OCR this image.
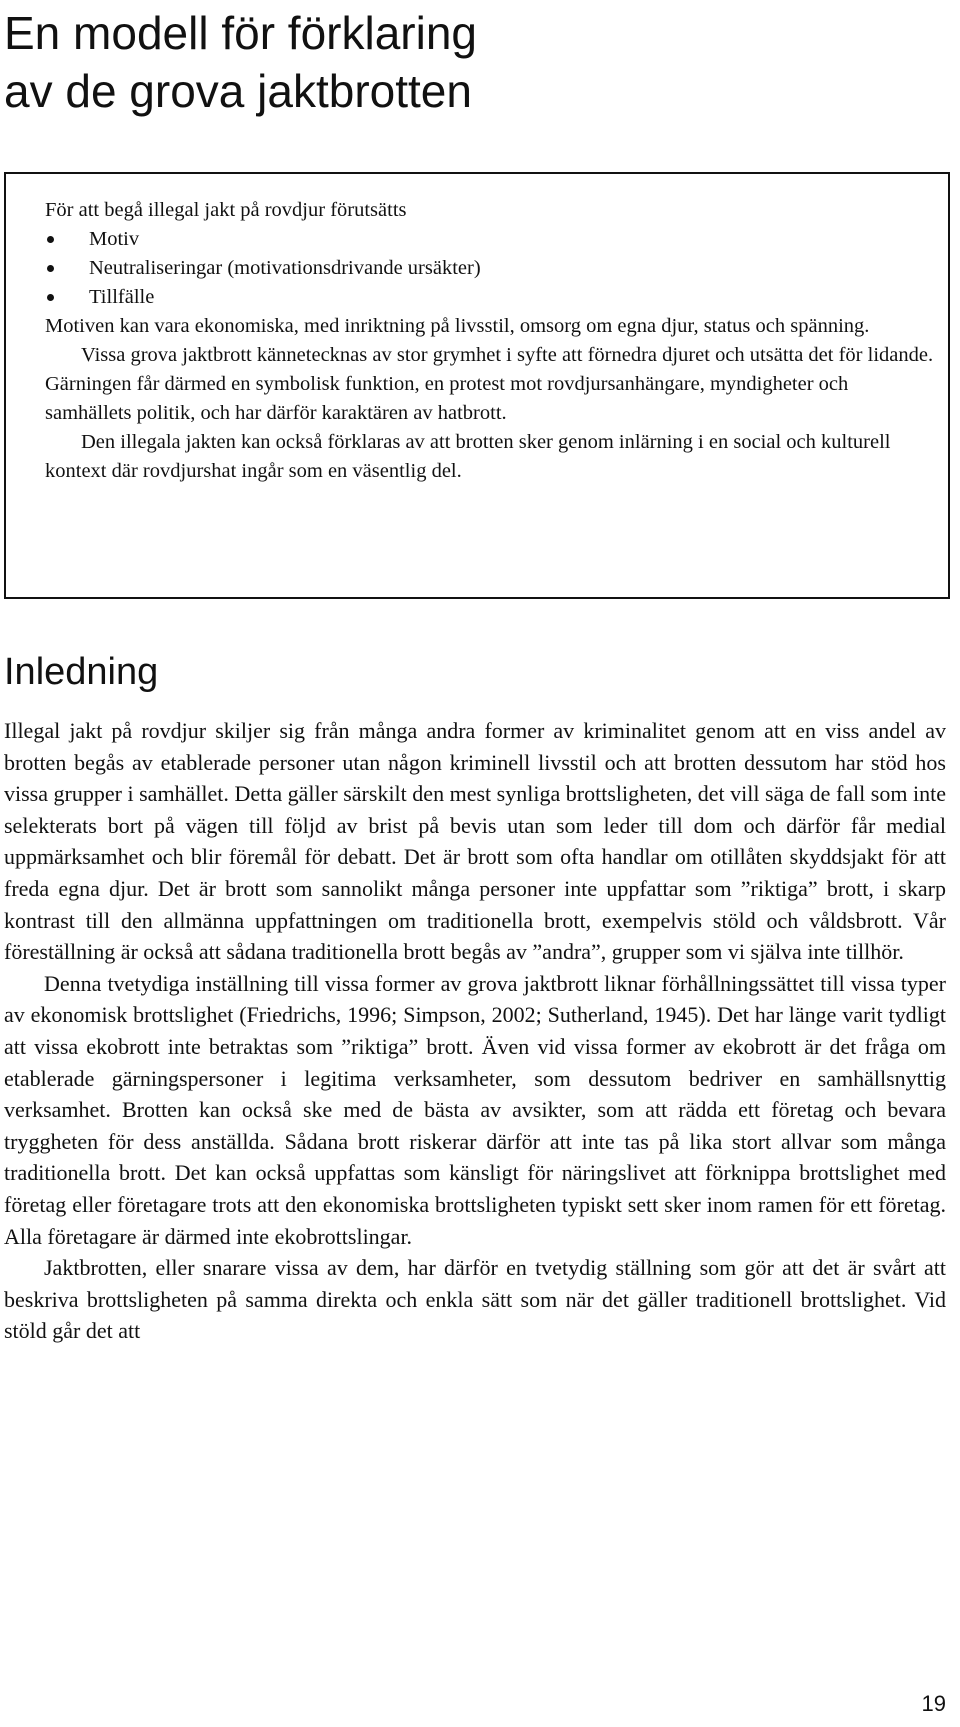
En modell för förklaring
av de grova jaktbrotten

För att begå illegal jakt på rovdjur förutsätts

Motiv
Neutraliseringar (motivationsdrivande ursäkter)
Tillfälle

Motiven kan vara ekonomiska, med inriktning på livsstil, omsorg om egna djur, status och spänning.

Vissa grova jaktbrott kännetecknas av stor grymhet i syfte att förnedra djuret och utsätta det för lidande. Gärningen får därmed en symbolisk funktion, en protest mot rovdjursanhängare, myndigheter och samhällets politik, och har därför karaktären av hatbrott.

Den illegala jakten kan också förklaras av att brotten sker genom inlärning i en social och kulturell kontext där rovdjurshat ingår som en väsentlig del.

Inledning

Illegal jakt på rovdjur skiljer sig från många andra former av kriminalitet genom att en viss andel av brotten begås av etablerade personer utan någon kriminell livsstil och att brotten dessutom har stöd hos vissa grupper i samhället. Detta gäller särskilt den mest synliga brottsligheten, det vill säga de fall som inte selekterats bort på vägen till följd av brist på bevis utan som leder till dom och därför får medial uppmärksamhet och blir föremål för debatt. Det är brott som ofta handlar om otillåten skyddsjakt för att freda egna djur. Det är brott som sannolikt många personer inte uppfattar som ”riktiga” brott, i skarp kontrast till den allmänna uppfattningen om traditionella brott, exempelvis stöld och våldsbrott. Vår föreställning är också att sådana traditionella brott begås av ”andra”, grupper som vi själva inte tillhör.

Denna tvetydiga inställning till vissa former av grova jaktbrott liknar förhållningssättet till vissa typer av ekonomisk brottslighet (Friedrichs, 1996; Simpson, 2002; Sutherland, 1945). Det har länge varit tydligt att vissa ekobrott inte betraktas som ”riktiga” brott. Även vid vissa former av ekobrott är det fråga om etablerade gärningspersoner i legitima verksamheter, som dessutom bedriver en samhällsnyttig verksamhet. Brotten kan också ske med de bästa av avsikter, som att rädda ett företag och bevara tryggheten för dess anställda. Sådana brott riskerar därför att inte tas på lika stort allvar som många traditionella brott. Det kan också uppfattas som känsligt för näringslivet att förknippa brottslighet med företag eller företagare trots att den ekonomiska brottsligheten typiskt sett sker inom ramen för ett företag. Alla företagare är därmed inte ekobrottslingar.

Jaktbrotten, eller snarare vissa av dem, har därför en tvetydig ställning som gör att det är svårt att beskriva brottsligheten på samma direkta och enkla sätt som när det gäller traditionell brottslighet. Vid stöld går det att

19
